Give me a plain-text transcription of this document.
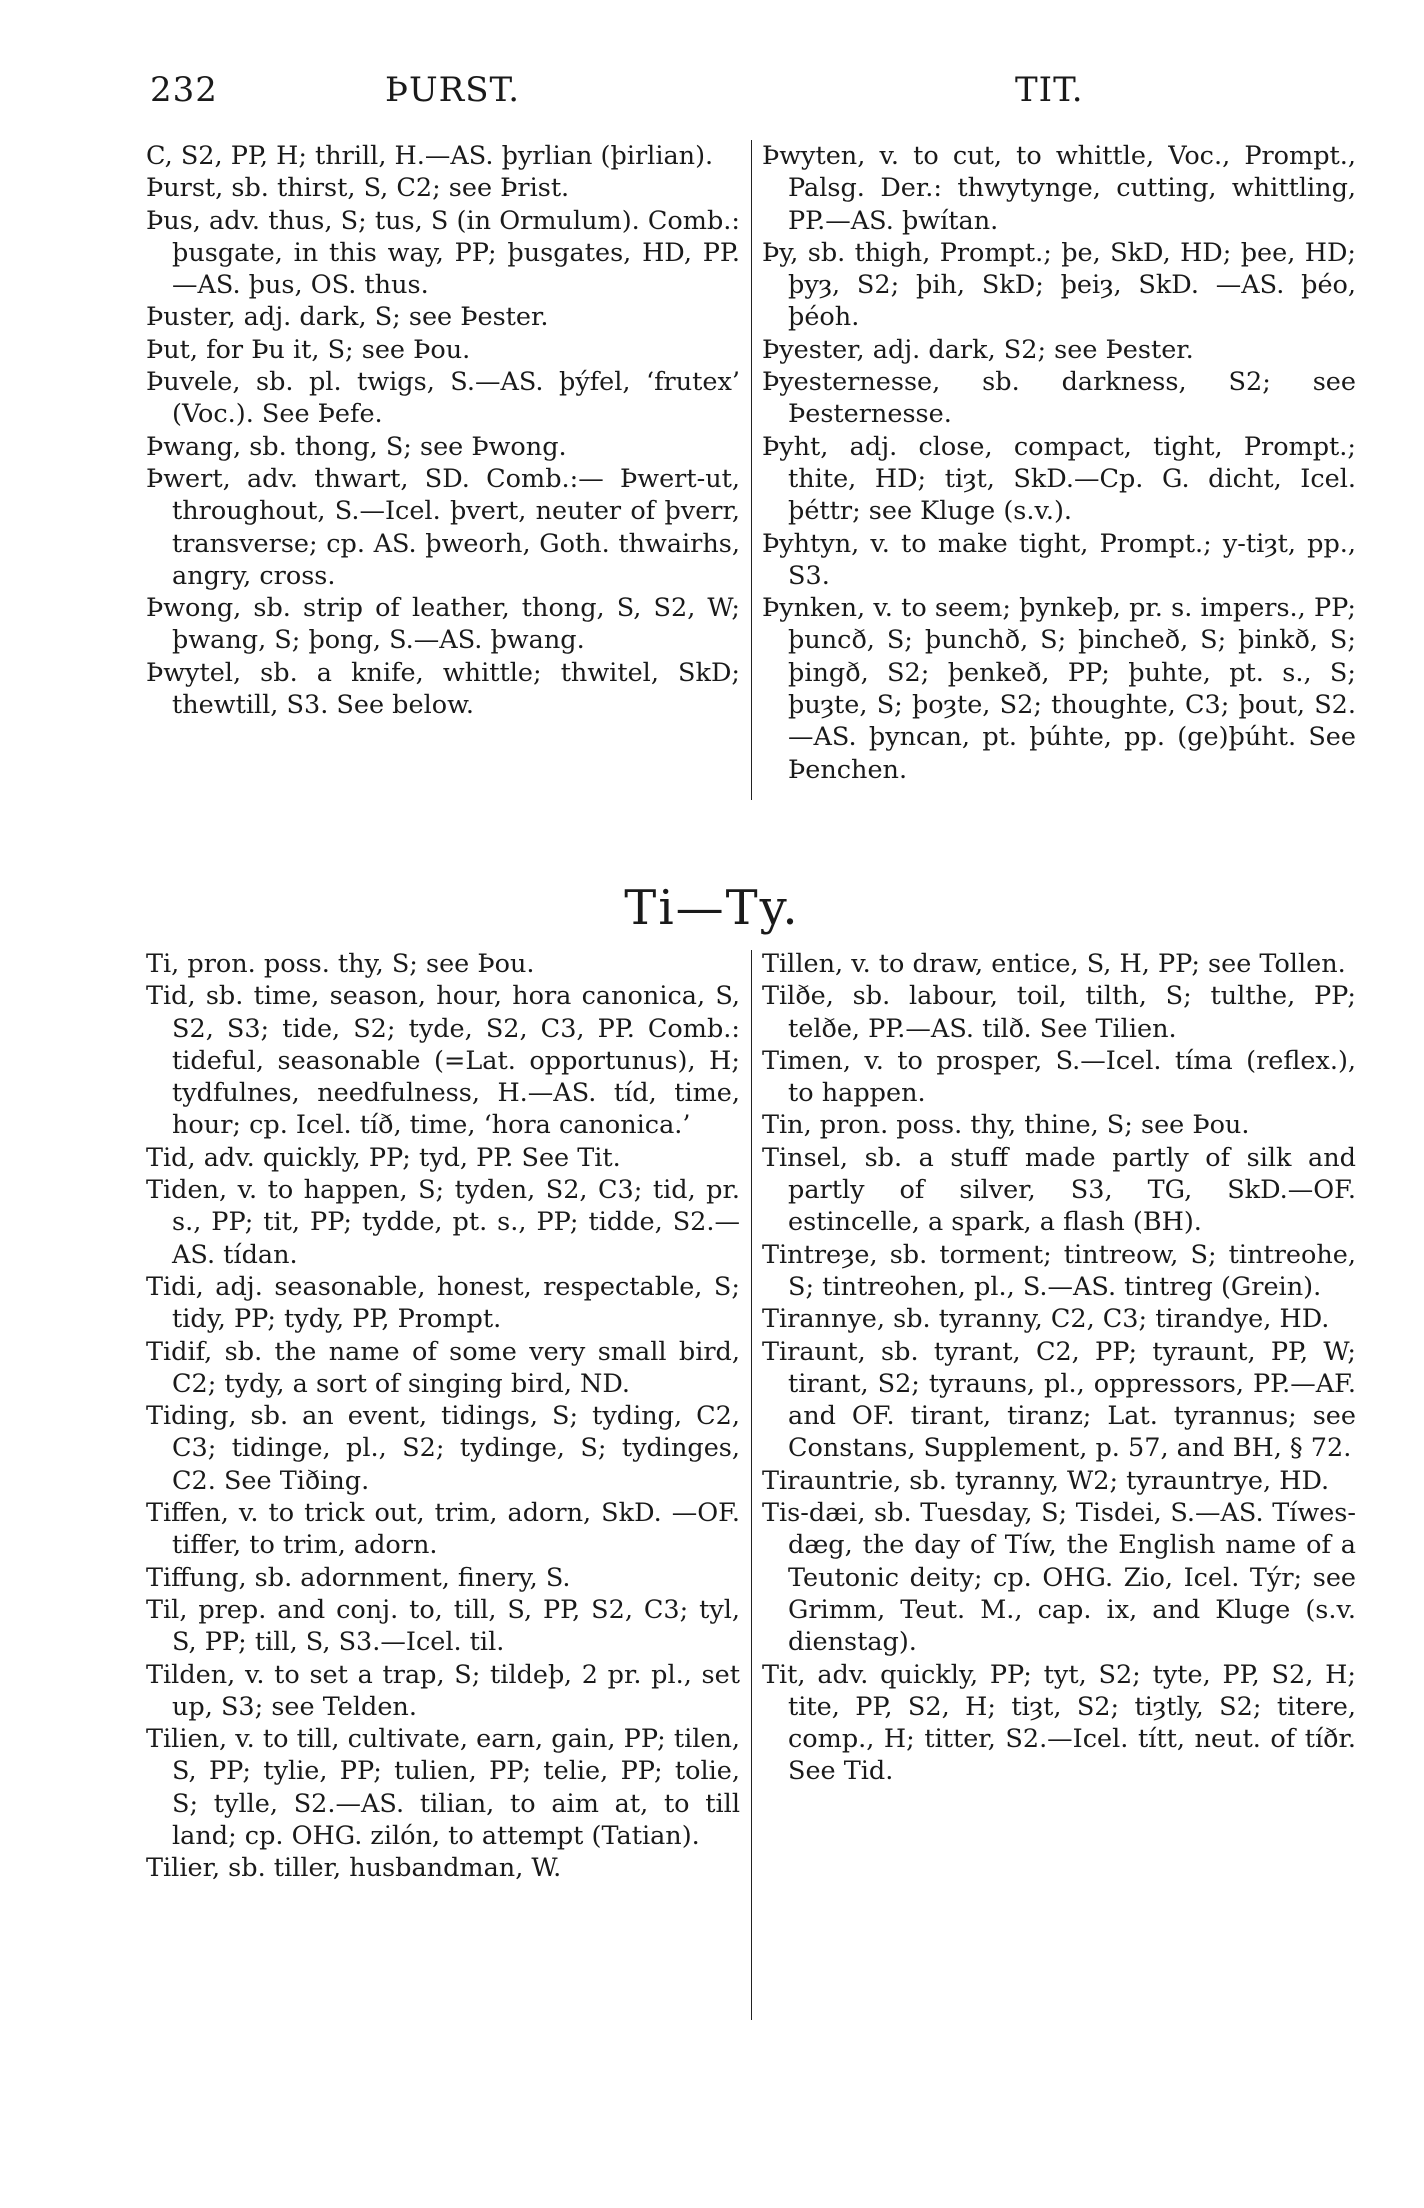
232	ÞURST.	TIT.

C, S2, PP, H; thrill, H.—AS. þyrlian (þirlian).

Þurst, sb. thirst, S, C2; see Þrist.

Þus, adv. thus, S; tus, S (in Ormulum). Comb.: þusgate, in this way, PP; þusgates, HD, PP.—AS. þus, OS. thus.

Þuster, adj. dark, S; see Þester.

Þut, for Þu it, S; see Þou.

Þuvele, sb. pl. twigs, S.—AS. þýfel, ‘frutex’ (Voc.). See Þefe.

Þwang, sb. thong, S; see Þwong.

Þwert, adv. thwart, SD. Comb.:— Þwert-ut, throughout, S.—Icel. þvert, neuter of þverr, transverse; cp. AS. þweorh, Goth. thwairhs, angry, cross.

Þwong, sb. strip of leather, thong, S, S2, W; þwang, S; þong, S.—AS. þwang.

Þwytel, sb. a knife, whittle; thwitel, SkD; thewtill, S3. See below.

Þwyten, v. to cut, to whittle, Voc., Prompt., Palsg. Der.: thwytynge, cutting, whittling, PP.—AS. þwítan.

Þy, sb. thigh, Prompt.; þe, SkD, HD; þee, HD; þyȝ, S2; þih, SkD; þeiȝ, SkD. —AS. þéo, þéoh.

Þyester, adj. dark, S2; see Þester.

Þyesternesse, sb. darkness, S2; see Þesternesse.

Þyht, adj. close, compact, tight, Prompt.; thite, HD; tiȝt, SkD.—Cp. G. dicht, Icel. þéttr; see Kluge (s.v.).

Þyhtyn, v. to make tight, Prompt.; y-tiȝt, pp., S3.

Þynken, v. to seem; þynkeþ, pr. s. impers., PP; þuncð, S; þunchð, S; þincheð, S; þinkð, S; þingð, S2; þenkeð, PP; þuhte, pt. s., S; þuȝte, S; þoȝte, S2; thoughte, C3; þout, S2.—AS. þyncan, pt. þúhte, pp. (ge)þúht. See Þenchen.

Ti—Ty.

Ti, pron. poss. thy, S; see Þou.

Tid, sb. time, season, hour, hora canonica, S, S2, S3; tide, S2; tyde, S2, C3, PP. Comb.: tideful, seasonable (=Lat. opportunus), H; tydfulnes, needfulness, H.—AS. tíd, time, hour; cp. Icel. tíð, time, ‘hora canonica.’

Tid, adv. quickly, PP; tyd, PP. See Tit.

Tiden, v. to happen, S; tyden, S2, C3; tid, pr. s., PP; tit, PP; tydde, pt. s., PP; tidde, S2.—AS. tídan.

Tidi, adj. seasonable, honest, respectable, S; tidy, PP; tydy, PP, Prompt.

Tidif, sb. the name of some very small bird, C2; tydy, a sort of singing bird, ND.

Tiding, sb. an event, tidings, S; tyding, C2, C3; tidinge, pl., S2; tydinge, S; tydinges, C2. See Tiðing.

Tiffen, v. to trick out, trim, adorn, SkD. —OF. tiffer, to trim, adorn.

Tiffung, sb. adornment, finery, S.

Til, prep. and conj. to, till, S, PP, S2, C3; tyl, S, PP; till, S, S3.—Icel. til.

Tilden, v. to set a trap, S; tildeþ, 2 pr. pl., set up, S3; see Telden.

Tilien, v. to till, cultivate, earn, gain, PP; tilen, S, PP; tylie, PP; tulien, PP; telie, PP; tolie, S; tylle, S2.—AS. tilian, to aim at, to till land; cp. OHG. zilón, to attempt (Tatian).

Tilier, sb. tiller, husbandman, W.

Tillen, v. to draw, entice, S, H, PP; see Tollen.

Tilðe, sb. labour, toil, tilth, S; tulthe, PP; telðe, PP.—AS. tilð. See Tilien.

Timen, v. to prosper, S.—Icel. tíma (reflex.), to happen.

Tin, pron. poss. thy, thine, S; see Þou.

Tinsel, sb. a stuff made partly of silk and partly of silver, S3, TG, SkD.—OF. estincelle, a spark, a flash (BH).

Tintreȝe, sb. torment; tintreow, S; tintreohe, S; tintreohen, pl., S.—AS. tintreg (Grein).

Tirannye, sb. tyranny, C2, C3; tirandye, HD.

Tiraunt, sb. tyrant, C2, PP; tyraunt, PP, W; tirant, S2; tyrauns, pl., oppressors, PP.—AF. and OF. tirant, tiranz; Lat. tyrannus; see Constans, Supplement, p. 57, and BH, § 72.

Tirauntrie, sb. tyranny, W2; tyrauntrye, HD.

Tis-dæi, sb. Tuesday, S; Tisdei, S.—AS. Tíwes-dæg, the day of Tíw, the English name of a Teutonic deity; cp. OHG. Zio, Icel. Týr; see Grimm, Teut. M., cap. ix, and Kluge (s.v. dienstag).

Tit, adv. quickly, PP; tyt, S2; tyte, PP, S2, H; tite, PP, S2, H; tiȝt, S2; tiȝtly, S2; titere, comp., H; titter, S2.—Icel. títt, neut. of tíðr. See Tid.
